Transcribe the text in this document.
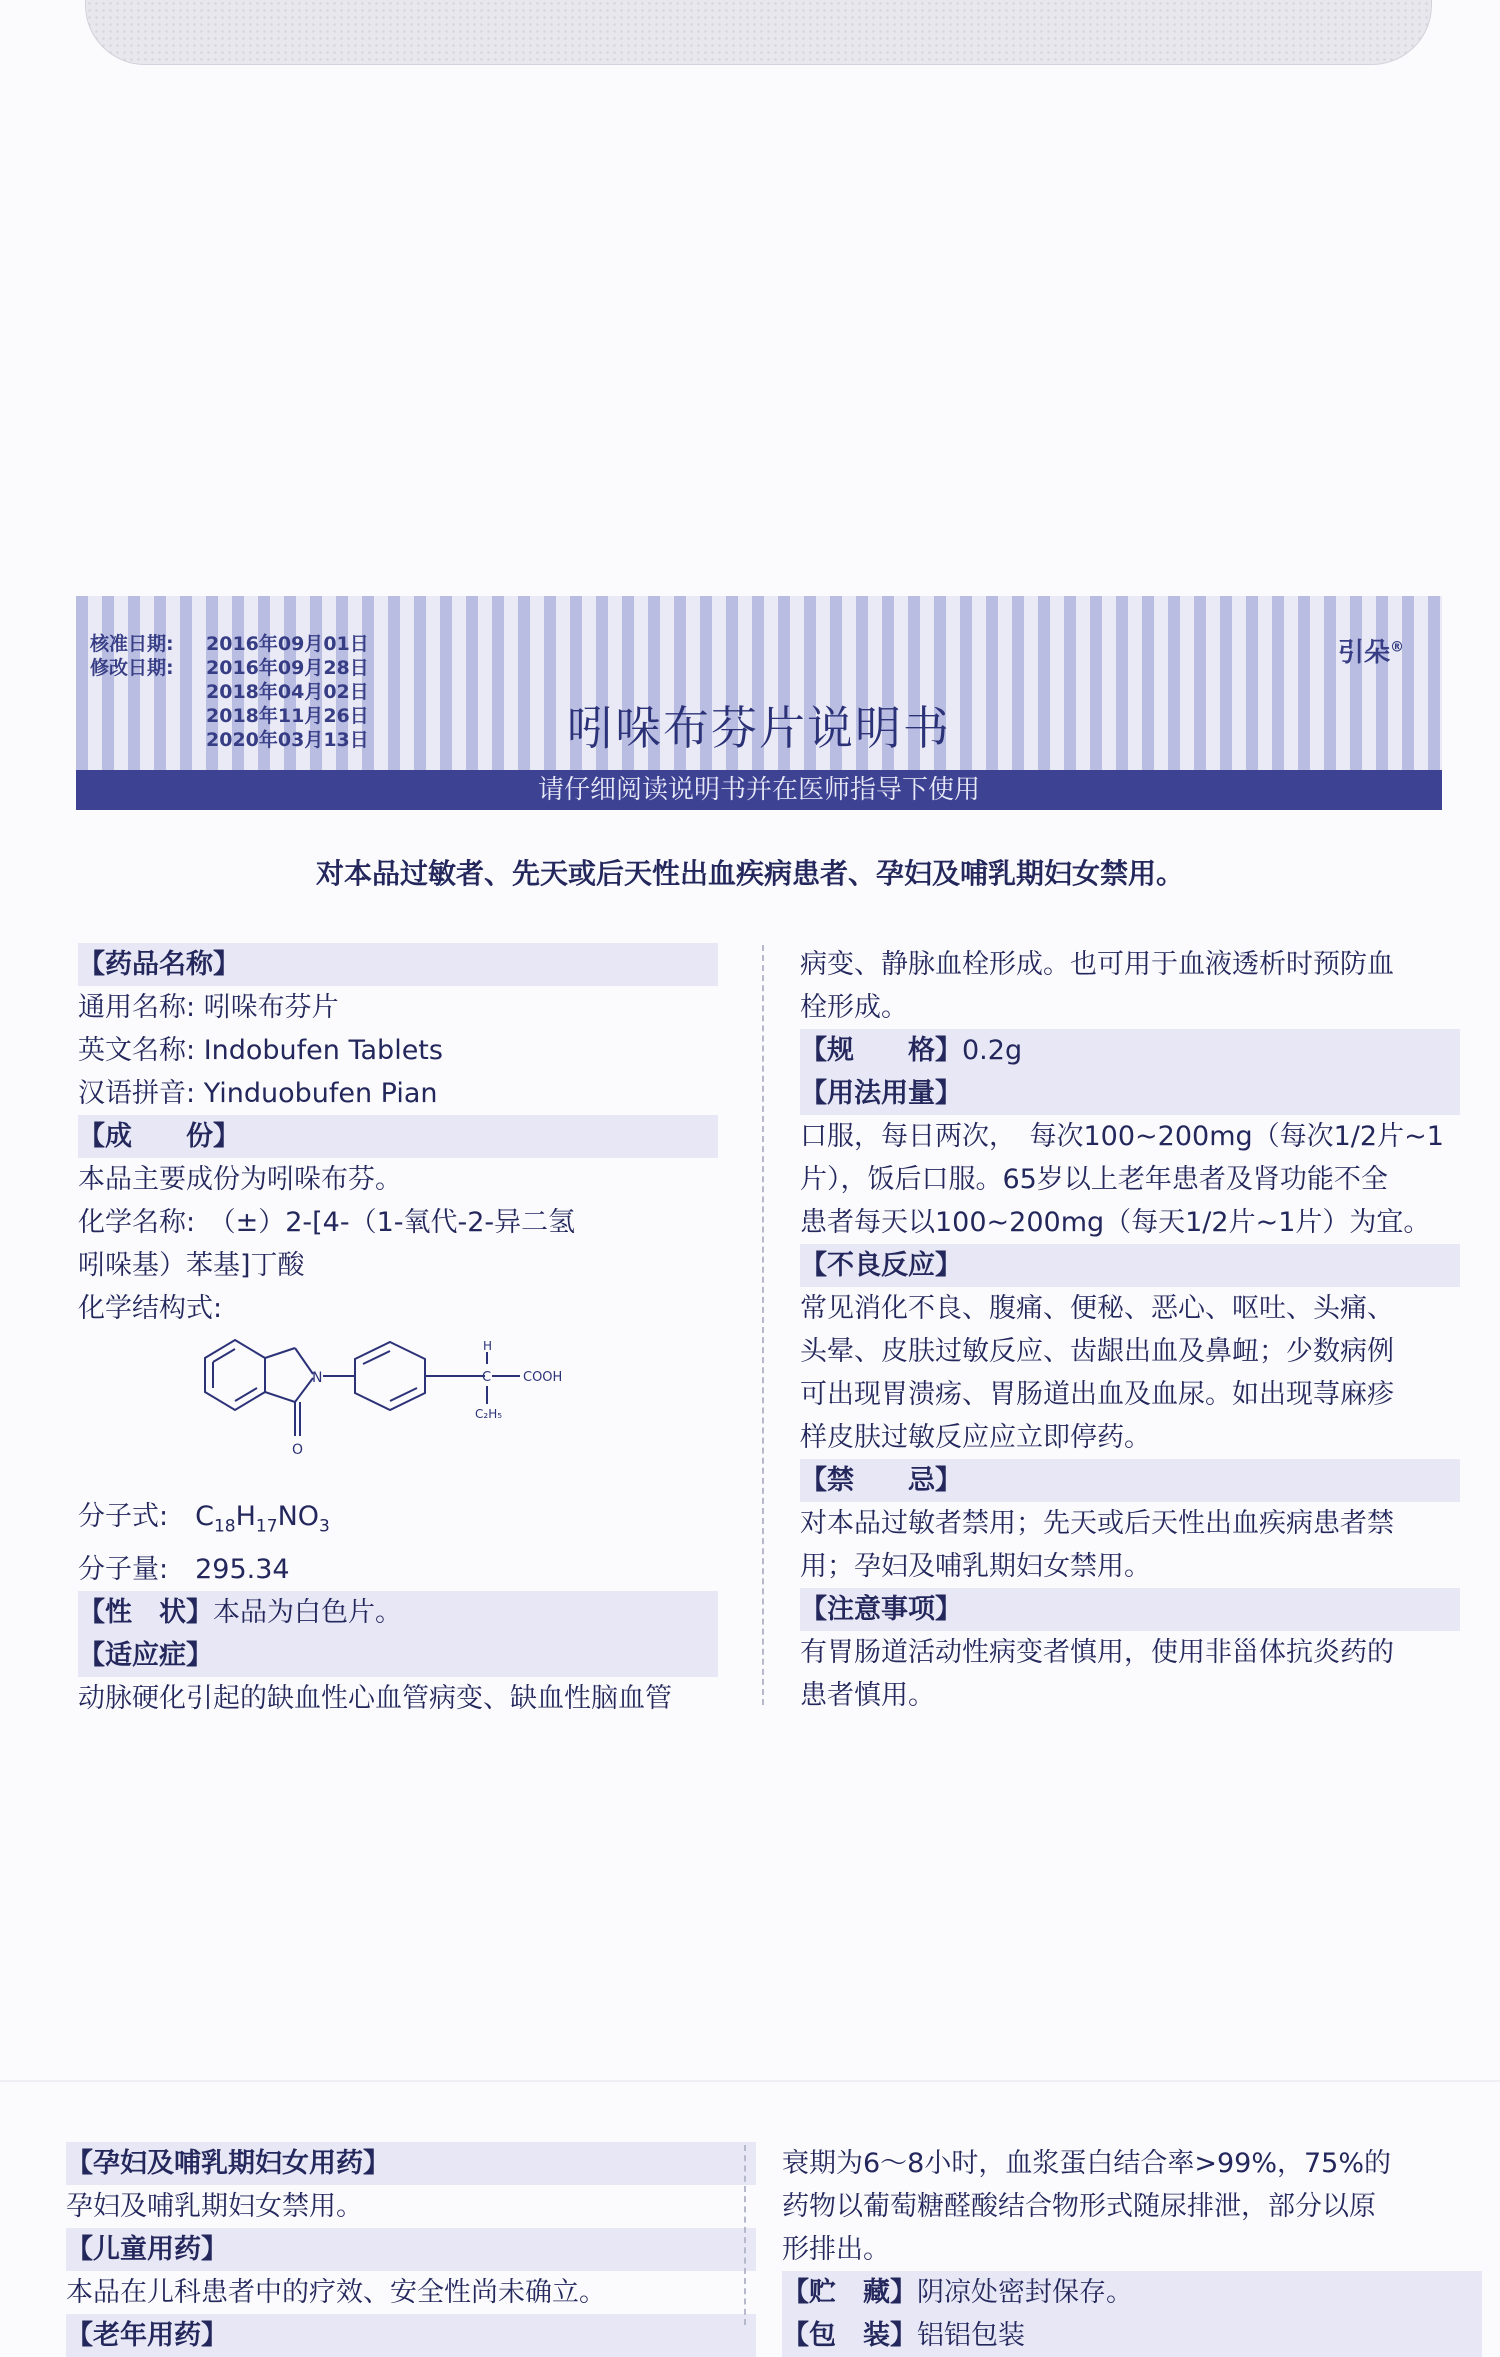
核准日期:	2016年09月01日
修改日期:	2016年09月28日
2018年04月02日
2018年11月26日
2020年03月13日	吲哚布芬片说明书
引朵®
请仔细阅读说明书并在医师指导下使用
对本品过敏者、先天或后天性出血疾病患者、孕妇及哺乳期妇女禁用。

【药品名称】

通用名称: 吲哚布芬片

英文名称: Indobufen Tablets

汉语拼音: Yinduobufen Pian

【成　　份】

本品主要成份为吲哚布芬。

化学名称:　（±）2-[4-（1-氧代-2-异二氢

吲哚基）苯基]丁酸

化学结构式:

N
O
H
C COOH
C₂H₅

分子式:　$C_{18}H_{17}NO_3$

分子量:　295.34

【性　状】本品为白色片。

【适应症】

动脉硬化引起的缺血性心血管病变、缺血性脑血管

病变、静脉血栓形成。也可用于血液透析时预防血

栓形成。

【规　　格】0.2g

【用法用量】

口服，每日两次，　每次100~200mg（每次1/2片~1

片），饭后口服。65岁以上老年患者及肾功能不全

患者每天以100~200mg（每天1/2片~1片）为宜。

【不良反应】

常见消化不良、腹痛、便秘、恶心、呕吐、头痛、

头晕、皮肤过敏反应、齿龈出血及鼻衄；少数病例

可出现胃溃疡、胃肠道出血及血尿。如出现荨麻疹

样皮肤过敏反应应立即停药。

【禁　　忌】

对本品过敏者禁用；先天或后天性出血疾病患者禁

用；孕妇及哺乳期妇女禁用。

【注意事项】

有胃肠道活动性病变者慎用，使用非甾体抗炎药的

患者慎用。

【孕妇及哺乳期妇女用药】

孕妇及哺乳期妇女禁用。

【儿童用药】

本品在儿科患者中的疗效、安全性尚未确立。

【老年用药】

衰期为6～8小时，血浆蛋白结合率>99%，75%的

药物以葡萄糖醛酸结合物形式随尿排泄，部分以原

形排出。

【贮　藏】阴凉处密封保存。

【包　装】铝铝包装
